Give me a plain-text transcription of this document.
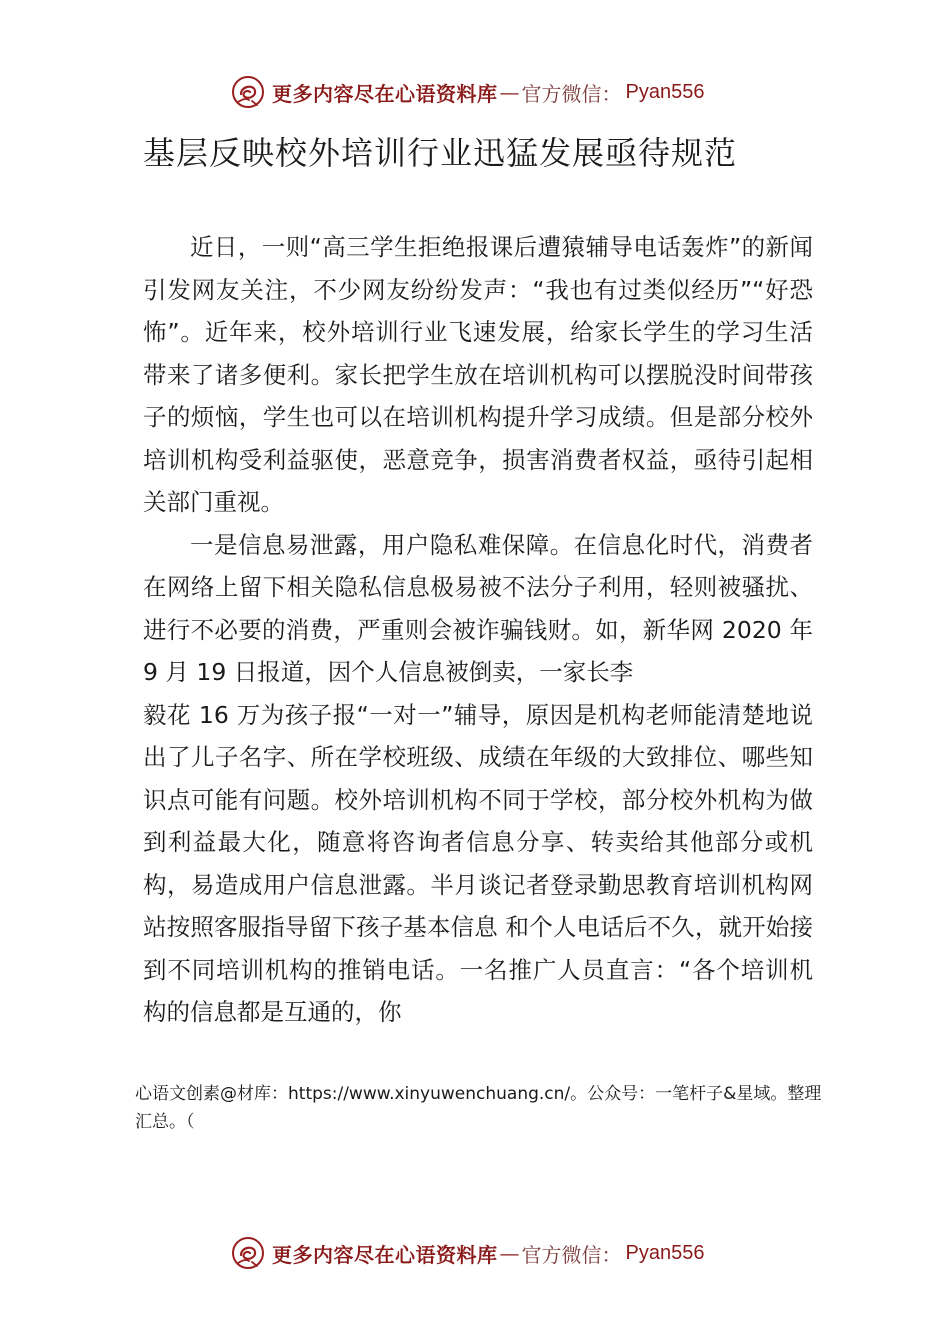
更多内容尽在心语资料库 — 官方微信： Pyan556
基层反映校外培训行业迅猛发展亟待规范

近日，一则“高三学生拒绝报课后遭猿辅导电话轰炸”的新闻引发网友关注，不少网友纷纷发声：“我也有过类似经历”“好恐怖”。近年来，校外培训行业飞速发展，给家长学生的学习生活带来了诸多便利。家长把学生放在培训机构可以摆脱没时间带孩子的烦恼，学生也可以在培训机构提升学习成绩。但是部分校外培训机构受利益驱使，恶意竞争，损害消费者权益，亟待引起相关部门重视。

一是信息易泄露，用户隐私难保障。在信息化时代，消费者在网络上留下相关隐私信息极易被不法分子利用，轻则被骚扰、进行不必要的消费，严重则会被诈骗钱财。如，新华网 2020 年 9 月 19 日报道，因个人信息被倒卖，一家长李

毅花 16 万为孩子报“一对一”辅导，原因是机构老师能清楚地说出了儿子名字、所在学校班级、成绩在年级的大致排位、哪些知识点可能有问题。校外培训机构不同于学校，部分校外机构为做到利益最大化，随意将咨询者信息分享、转卖给其他部分或机构，易造成用户信息泄露。半月谈记者登录勤思教育培训机构网站按照客服指导留下孩子基本信息 和个人电话后不久，就开始接到不同培训机构的推销电话。一名推广人员直言：“各个培训机构的信息都是互通的，你

心语文创素@材库：https://www.xinyuwenchuang.cn/。公众号：一笔杆子&星域。整理汇总。（
更多内容尽在心语资料库 — 官方微信： Pyan556
